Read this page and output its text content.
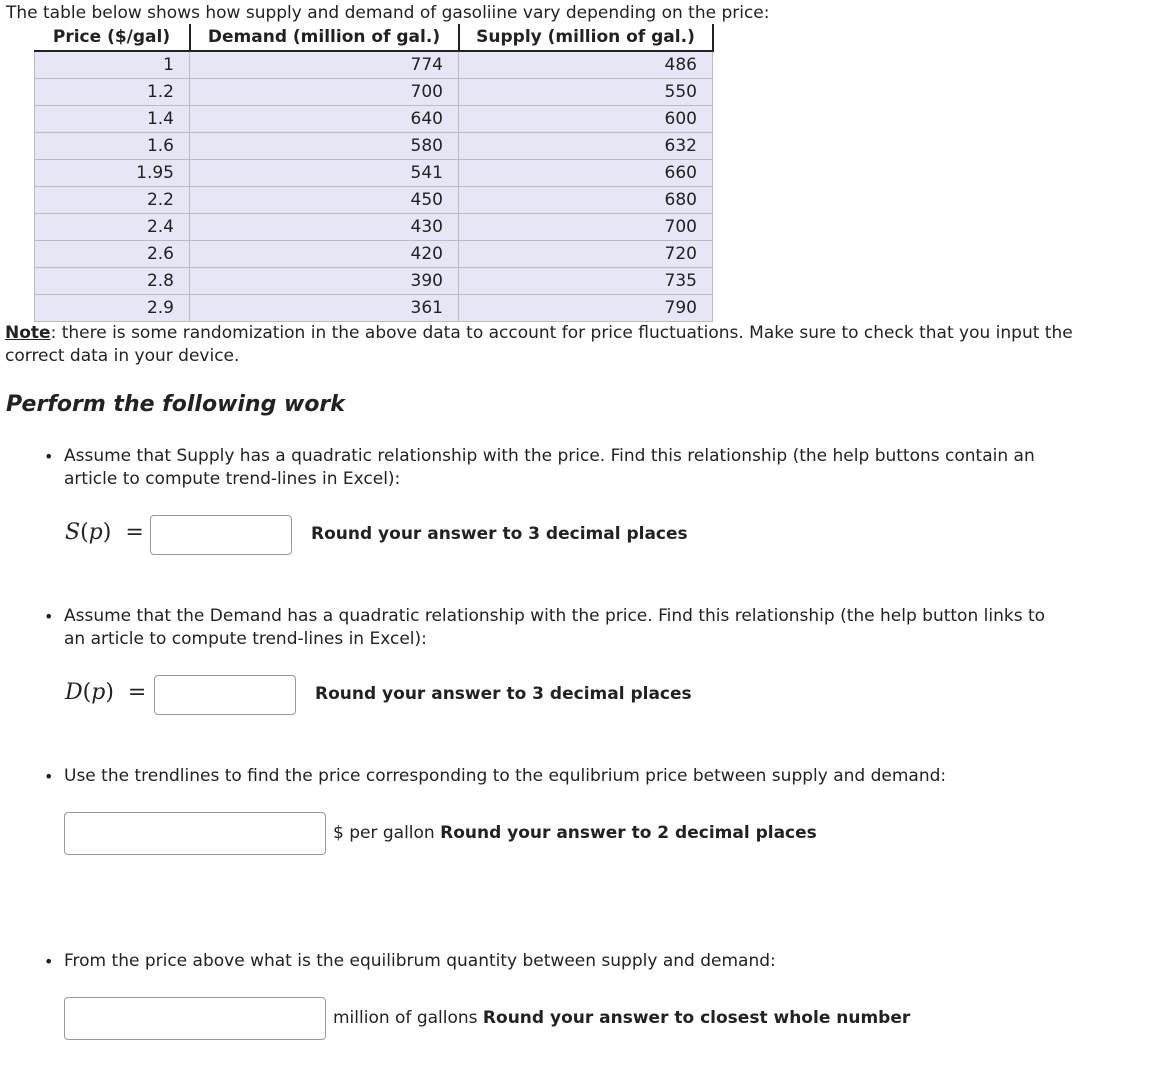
The table below shows how supply and demand of gasoliine vary depending on the price:

Price ($/gal)	Demand (million of gal.)	Supply (million of gal.)
1	774	486
1.2	700	550
1.4	640	600
1.6	580	632
1.95	541	660
2.2	450	680
2.4	430	700
2.6	420	720
2.8	390	735
2.9	361	790

Note: there is some randomization in the above data to account for price fluctuations. Make sure to check that you input the correct data in your device.

Perform the following work
• Assume that Supply has a quadratic relationship with the price. Find this relationship (the help buttons contain an article to compute trend-lines in Excel):
S(p)  =	Round your answer to 3 decimal places
• Assume that the Demand has a quadratic relationship with the price. Find this relationship (the help button links to an article to compute trend-lines in Excel):
D(p)  =	Round your answer to 3 decimal places
• Use the trendlines to find the price corresponding to the equlibrium price between supply and demand:
$ per gallon Round your answer to 2 decimal places
• From the price above what is the equilibrum quantity between supply and demand:
million of gallons Round your answer to closest whole number
